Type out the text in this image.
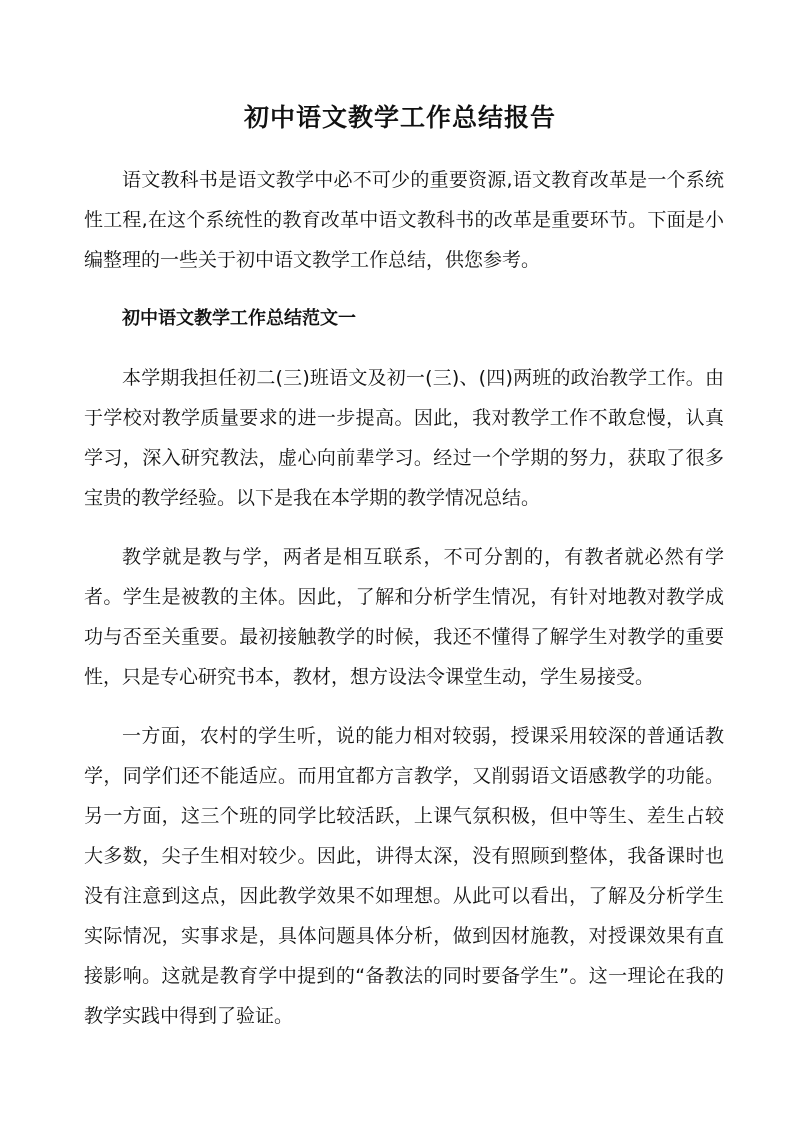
初中语文教学工作总结报告

语文教科书是语文教学中必不可少的重要资源,语文教育改革是一个系统性工程,在这个系统性的教育改革中语文教科书的改革是重要环节。下面是小编整理的一些关于初中语文教学工作总结，供您参考。

初中语文教学工作总结范文一

本学期我担任初二(三)班语文及初一(三)、(四)两班的政治教学工作。由于学校对教学质量要求的进一步提高。因此，我对教学工作不敢怠慢，认真学习，深入研究教法，虚心向前辈学习。经过一个学期的努力，获取了很多宝贵的教学经验。以下是我在本学期的教学情况总结。

教学就是教与学，两者是相互联系，不可分割的，有教者就必然有学者。学生是被教的主体。因此，了解和分析学生情况，有针对地教对教学成功与否至关重要。最初接触教学的时候，我还不懂得了解学生对教学的重要性，只是专心研究书本，教材，想方设法令课堂生动，学生易接受。

一方面，农村的学生听，说的能力相对较弱，授课采用较深的普通话教学，同学们还不能适应。而用宜都方言教学，又削弱语文语感教学的功能。另一方面，这三个班的同学比较活跃，上课气氛积极，但中等生、差生占较大多数，尖子生相对较少。因此，讲得太深，没有照顾到整体，我备课时也没有注意到这点，因此教学效果不如理想。从此可以看出，了解及分析学生实际情况，实事求是，具体问题具体分析，做到因材施教，对授课效果有直接影响。这就是教育学中提到的“备教法的同时要备学生”。这一理论在我的教学实践中得到了验证。
